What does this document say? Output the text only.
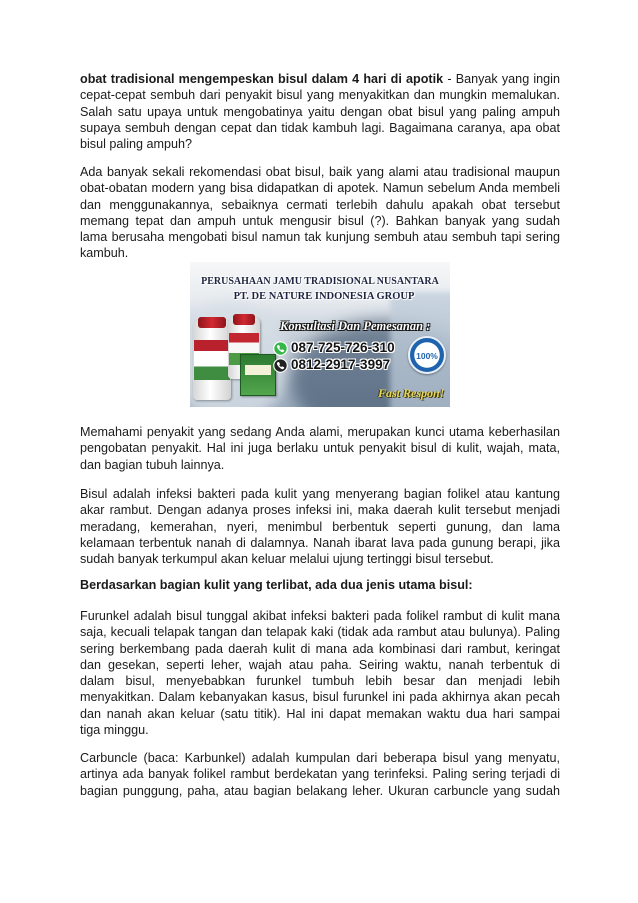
obat tradisional mengempeskan bisul dalam 4 hari di apotik - Banyak yang ingin
cepat-cepat sembuh dari penyakit bisul yang menyakitkan dan mungkin memalukan.
Salah satu upaya untuk mengobatinya yaitu dengan obat bisul yang paling ampuh
supaya sembuh dengan cepat dan tidak kambuh lagi. Bagaimana caranya, apa obat
bisul paling ampuh?
Ada banyak sekali rekomendasi obat bisul, baik yang alami atau tradisional maupun
obat-obatan modern yang bisa didapatkan di apotek. Namun sebelum Anda membeli
dan menggunakannya, sebaiknya cermati terlebih dahulu apakah obat tersebut
memang tepat dan ampuh untuk mengusir bisul (?). Bahkan banyak yang sudah
lama berusaha mengobati bisul namun tak kunjung sembuh atau sembuh tapi sering
kambuh.
PERUSAHAAN JAMU TRADISIONAL NUSANTARA
PT. DE NATURE INDONESIA GROUP
Konsultasi Dan Pemesanan :
087-725-726-310
0812-2917-3997
100%
Fast Respon!
Memahami penyakit yang sedang Anda alami, merupakan kunci utama keberhasilan
pengobatan penyakit. Hal ini juga berlaku untuk penyakit bisul di kulit, wajah, mata,
dan bagian tubuh lainnya.
Bisul adalah infeksi bakteri pada kulit yang menyerang bagian folikel atau kantung
akar rambut. Dengan adanya proses infeksi ini, maka daerah kulit tersebut menjadi
meradang, kemerahan, nyeri, menimbul berbentuk seperti gunung, dan lama
kelamaan terbentuk nanah di dalamnya. Nanah ibarat lava pada gunung berapi, jika
sudah banyak terkumpul akan keluar melalui ujung tertinggi bisul tersebut.
Berdasarkan bagian kulit yang terlibat, ada dua jenis utama bisul:
Furunkel adalah bisul tunggal akibat infeksi bakteri pada folikel rambut di kulit mana
saja, kecuali telapak tangan dan telapak kaki (tidak ada rambut atau bulunya). Paling
sering berkembang pada daerah kulit di mana ada kombinasi dari rambut, keringat
dan gesekan, seperti leher, wajah atau paha. Seiring waktu, nanah terbentuk di
dalam bisul, menyebabkan furunkel tumbuh lebih besar dan menjadi lebih
menyakitkan. Dalam kebanyakan kasus, bisul furunkel ini pada akhirnya akan pecah
dan nanah akan keluar (satu titik). Hal ini dapat memakan waktu dua hari sampai
tiga minggu.
Carbuncle (baca: Karbunkel) adalah kumpulan dari beberapa bisul yang menyatu,
artinya ada banyak folikel rambut berdekatan yang terinfeksi. Paling sering terjadi di
bagian punggung, paha, atau bagian belakang leher. Ukuran carbuncle yang sudah
